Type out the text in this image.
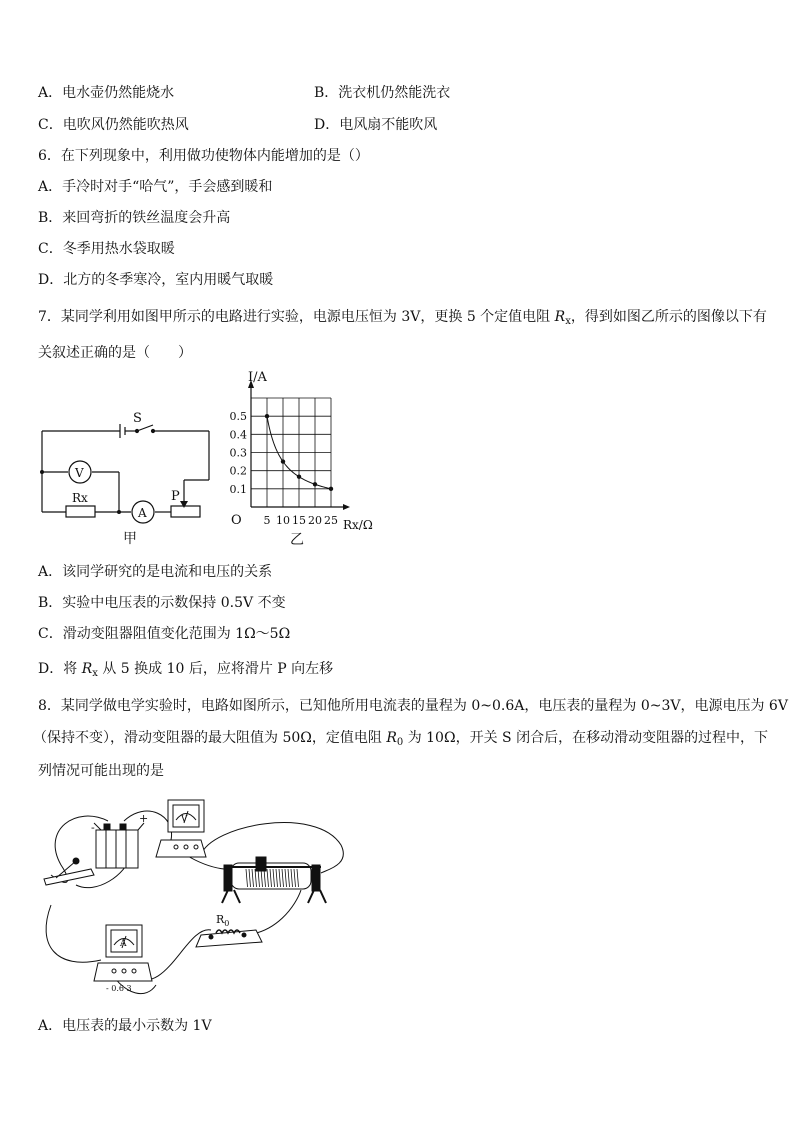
A．电水壶仍然能烧水	B．洗衣机仍然能洗衣
C．电吹风仍然能吹热风	D．电风扇不能吹风
6．在下列现象中，利用做功使物体内能增加的是（）
A．手冷时对手“哈气”，手会感到暖和
B．来回弯折的铁丝温度会升高
C．冬季用热水袋取暖
D．北方的冬季寒冷，室内用暖气取暖
7．某同学利用如图甲所示的电路进行实验，电源电压恒为 3V，更换 5 个定值电阻 $R_x$，得到如图乙所示的图像以下有
关叙述正确的是（　　）
S
V
A
Rx	P
甲
0.5
0.4
0.3
0.2
0.1
5 10 15 20 25
I/A
Rx/Ω
O
乙
A．该同学研究的是电流和电压的关系
B．实验中电压表的示数保持 0.5V 不变
C．滑动变阻器阻值变化范围为 1Ω～5Ω
D．将 $R_x$ 从 5 换成 10 后，应将滑片 P 向左移
8．某同学做电学实验时，电路如图所示，已知他所用电流表的量程为 0~0.6A，电压表的量程为 0~3V，电源电压为 6V
（保持不变），滑动变阻器的最大阻值为 50Ω，定值电阻 $R_0$ 为 10Ω，开关 S 闭合后，在移动滑动变阻器的过程中，下
列情况可能出现的是
V
A
+
-
$R_0$
- 0.6 3
A．电压表的最小示数为 1V
